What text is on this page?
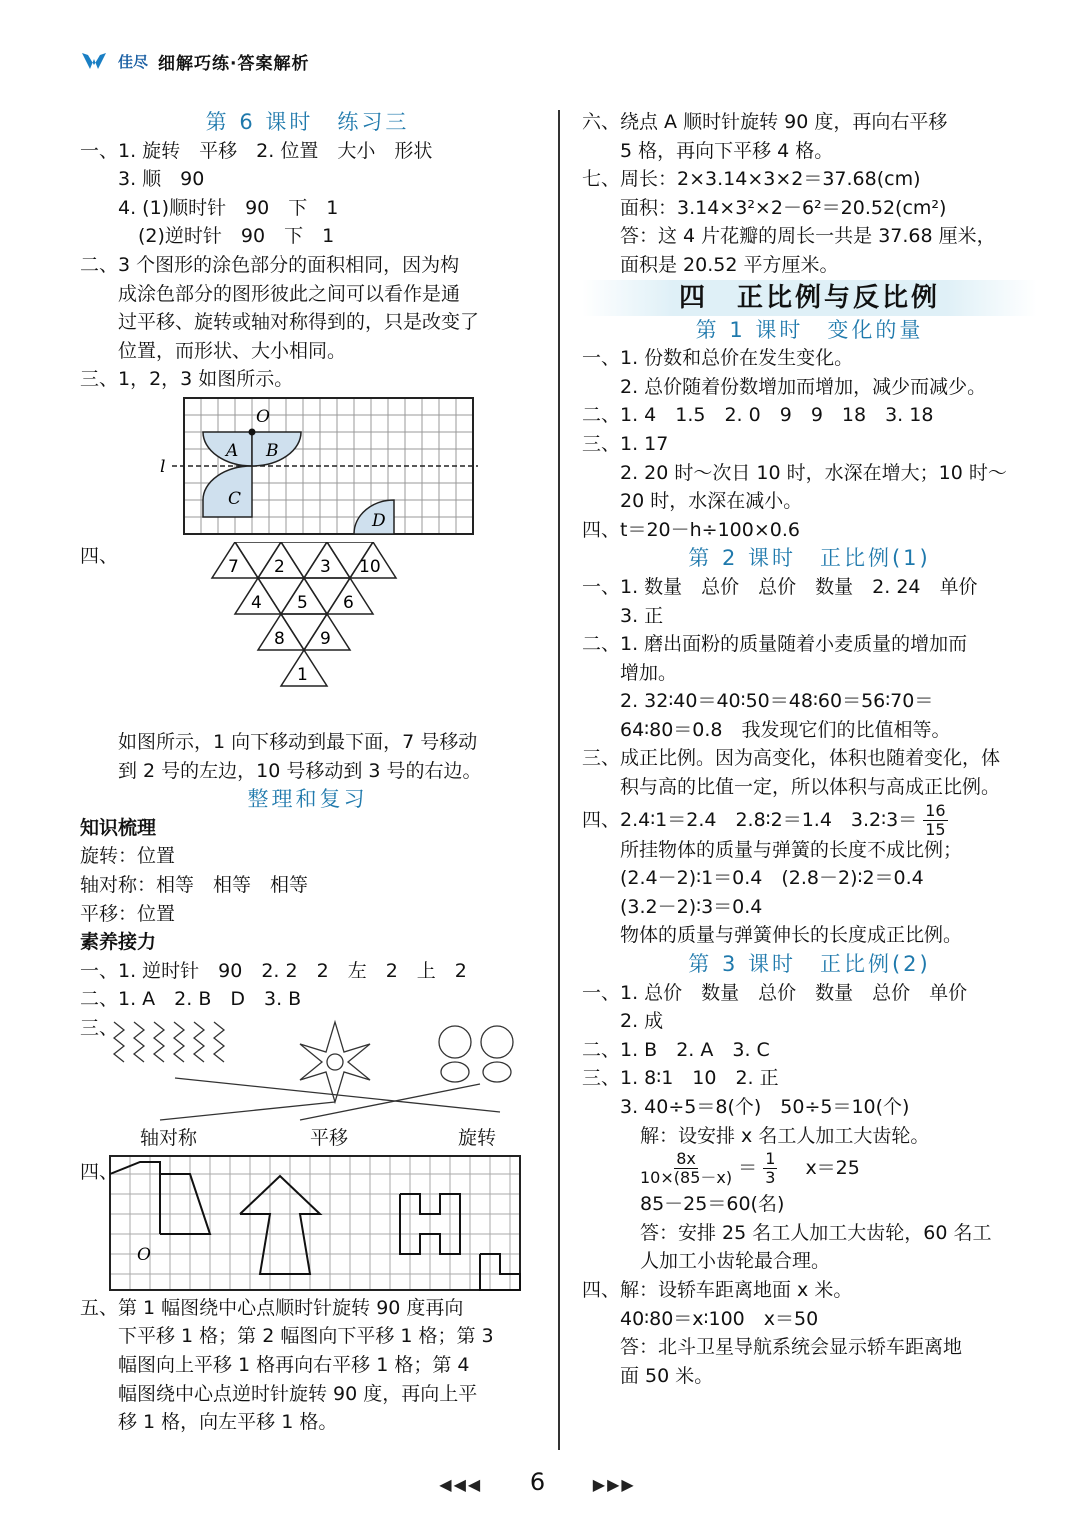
佳尽 细解巧练·答案解析
第 6 课时　练习三
一、1. 旋转　平移　2. 位置　大小　形状
3. 顺　90
4. (1)顺时针　90　下　1
(2)逆时针　90　下　1
二、3 个图形的涂色部分的面积相同，因为构
成涂色部分的图形彼此之间可以看作是通
过平移、旋转或轴对称得到的，只是改变了
位置，而形状、大小相同。
三、1，2，3 如图所示。
O
A B
C
D
l
四、	7 2 3 10
4 5 6
8 9
1
如图所示，1 向下移动到最下面，7 号移动
到 2 号的左边，10 号移动到 3 号的右边。
整理和复习
知识梳理
旋转：位置
轴对称：相等　相等　相等
平移：位置
素养接力
一、1. 逆时针　90　2. 2　2　左　2　上　2
二、1. A　2. B　D　3. B
三、
轴对称	平移	旋转
四、
O
五、第 1 幅图绕中心点顺时针旋转 90 度再向
下平移 1 格；第 2 幅图向下平移 1 格；第 3
幅图向上平移 1 格再向右平移 1 格；第 4
幅图绕中心点逆时针旋转 90 度，再向上平
移 1 格，向左平移 1 格。
六、绕点 A 顺时针旋转 90 度，再向右平移
5 格，再向下平移 4 格。
七、周长：2×3.14×3×2＝37.68(cm)
面积：3.14×3²×2－6²＝20.52(cm²)
答：这 4 片花瓣的周长一共是 37.68 厘米，
面积是 20.52 平方厘米。
四　正比例与反比例
第 1 课时　变化的量
一、1. 份数和总价在发生变化。
2. 总价随着份数增加而增加，减少而减少。
二、1. 4　1.5　2. 0　9　9　18　3. 18
三、1. 17
2. 20 时～次日 10 时，水深在增大；10 时～
20 时，水深在减小。
四、t＝20－h÷100×0.6
第 2 课时　正比例(1)
一、1. 数量　总价　总价　数量　2. 24　单价
3. 正
二、1. 磨出面粉的质量随着小麦质量的增加而
增加。
2. 32∶40＝40∶50＝48∶60＝56∶70＝
64∶80＝0.8　我发现它们的比值相等。
三、成正比例。因为高变化，体积也随着变化，体
积与高的比值一定，所以体积与高成正比例。
四、2.4∶1＝2.4　2.8∶2＝1.4　3.2∶3＝ $\frac{16}{15}$
所挂物体的质量与弹簧的长度不成比例；
(2.4－2)∶1＝0.4　(2.8－2)∶2＝0.4
(3.2－2)∶3＝0.4
物体的质量与弹簧伸长的长度成正比例。
第 3 课时　正比例(2)
一、1. 总价　数量　总价　数量　总价　单价
2. 成
二、1. B　2. A　3. C
三、1. 8∶1　10　2. 正
3. 40÷5＝8(个)　50÷5＝10(个)
解：设安排 x 名工人加工大齿轮。
$\frac{8x}{10\times(85-x)} = \frac{1}{3} x=25$
85－25＝60(名)
答：安排 25 名工人加工大齿轮，60 名工
人加工小齿轮最合理。
四、解：设轿车距离地面 x 米。
40∶80＝x∶100　x＝50
答：北斗卫星导航系统会显示轿车距离地
面 50 米。
◀◀◀ 6	▶▶▶
